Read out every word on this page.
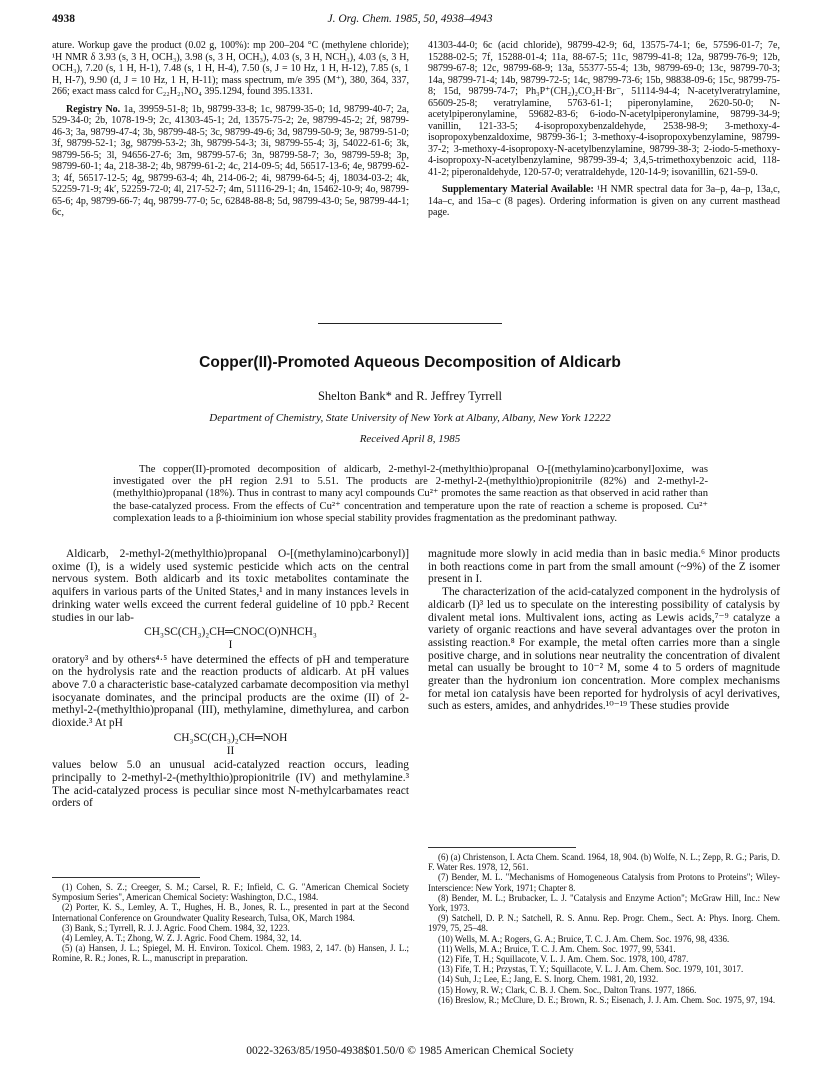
4938	J. Org. Chem. 1985, 50, 4938–4943

ature. Workup gave the product (0.02 g, 100%): mp 200–204 °C (methylene chloride); ¹H NMR δ 3.93 (s, 3 H, OCH₃), 3.98 (s, 3 H, OCH₃), 4.03 (s, 3 H, NCH₃), 4.03 (s, 3 H, OCH₃), 7.20 (s, 1 H, H-1), 7.48 (s, 1 H, H-4), 7.50 (s, J = 10 Hz, 1 H, H-12), 7.85 (s, 1 H, H-7), 9.90 (d, J = 10 Hz, 1 H, H-11); mass spectrum, m/e 395 (M⁺), 380, 364, 337, 266; exact mass calcd for C₂₂H₂₁NO₄ 395.1294, found 395.1331.

Registry No. 1a, 39959-51-8; 1b, 98799-33-8; 1c, 98799-35-0; 1d, 98799-40-7; 2a, 529-34-0; 2b, 1078-19-9; 2c, 41303-45-1; 2d, 13575-75-2; 2e, 98799-45-2; 2f, 98799-46-3; 3a, 98799-47-4; 3b, 98799-48-5; 3c, 98799-49-6; 3d, 98799-50-9; 3e, 98799-51-0; 3f, 98799-52-1; 3g, 98799-53-2; 3h, 98799-54-3; 3i, 98799-55-4; 3j, 54022-61-6; 3k, 98799-56-5; 3l, 94656-27-6; 3m, 98799-57-6; 3n, 98799-58-7; 3o, 98799-59-8; 3p, 98799-60-1; 4a, 218-38-2; 4b, 98799-61-2; 4c, 214-09-5; 4d, 56517-13-6; 4e, 98799-62-3; 4f, 56517-12-5; 4g, 98799-63-4; 4h, 214-06-2; 4i, 98799-64-5; 4j, 18034-03-2; 4k, 52259-71-9; 4k′, 52259-72-0; 4l, 217-52-7; 4m, 51116-29-1; 4n, 15462-10-9; 4o, 98799-65-6; 4p, 98799-66-7; 4q, 98799-77-0; 5c, 62848-88-8; 5d, 98799-43-0; 5e, 98799-44-1; 6c,

41303-44-0; 6c (acid chloride), 98799-42-9; 6d, 13575-74-1; 6e, 57596-01-7; 7e, 15288-02-5; 7f, 15288-01-4; 11a, 88-67-5; 11c, 98799-41-8; 12a, 98799-76-9; 12b, 98799-67-8; 12c, 98799-68-9; 13a, 55377-55-4; 13b, 98799-69-0; 13c, 98799-70-3; 14a, 98799-71-4; 14b, 98799-72-5; 14c, 98799-73-6; 15b, 98838-09-6; 15c, 98799-75-8; 15d, 98799-74-7; Ph₃P⁺(CH₂)₂CO₂H·Br⁻, 51114-94-4; N-acetylveratrylamine, 65609-25-8; veratrylamine, 5763-61-1; piperonylamine, 2620-50-0; N-acetylpiperonylamine, 59682-83-6; 6-iodo-N-acetylpiperonylamine, 98799-34-9; vanillin, 121-33-5; 4-isopropoxybenzaldehyde, 2538-98-9; 3-methoxy-4-isopropoxybenzaldoxime, 98799-36-1; 3-methoxy-4-isopropoxybenzylamine, 98799-37-2; 3-methoxy-4-isopropoxy-N-acetylbenzylamine, 98799-38-3; 2-iodo-5-methoxy-4-isopropoxy-N-acetylbenzylamine, 98799-39-4; 3,4,5-trimethoxybenzoic acid, 118-41-2; piperonaldehyde, 120-57-0; veratraldehyde, 120-14-9; isovanillin, 621-59-0.

Supplementary Material Available: ¹H NMR spectral data for 3a–p, 4a–p, 13a,c, 14a–c, and 15a–c (8 pages). Ordering information is given on any current masthead page.

Copper(II)-Promoted Aqueous Decomposition of Aldicarb
Shelton Bank* and R. Jeffrey Tyrrell
Department of Chemistry, State University of New York at Albany, Albany, New York 12222
Received April 8, 1985

The copper(II)-promoted decomposition of aldicarb, 2-methyl-2-(methylthio)propanal O-[(methylamino)carbonyl]oxime, was investigated over the pH region 2.91 to 5.51. The products are 2-methyl-2-(methylthio)propionitrile (82%) and 2-methyl-2-(methylthio)propanal (18%). Thus in contrast to many acyl compounds Cu²⁺ promotes the same reaction as that observed in acid rather than the base-catalyzed process. From the effects of Cu²⁺ concentration and temperature upon the rate of reaction a scheme is proposed. Cu²⁺ complexation leads to a β-thioiminium ion whose special stability provides fragmentation as the predominant pathway.

Aldicarb, 2-methyl-2(methylthio)propanal O-[(methylamino)carbonyl)] oxime (I), is a widely used systemic pesticide which acts on the central nervous system. Both aldicarb and its toxic metabolites contaminate the aquifers in various parts of the United States,¹ and in many instances levels in drinking water wells exceed the current federal guideline of 10 ppb.² Recent studies in our lab-

CH₃SC(CH₃)₂CH═CNOC(O)NHCH₃
I

oratory³ and by others⁴·⁵ have determined the effects of pH and temperature on the hydrolysis rate and the reaction products of aldicarb. At pH values above 7.0 a characteristic base-catalyzed carbamate decomposition via methyl isocyanate dominates, and the principal products are the oxime (II) of 2-methyl-2-(methylthio)propanal (III), methylamine, dimethylurea, and carbon dioxide.³ At pH

CH₃SC(CH₃)₂CH═NOH
II

values below 5.0 an unusual acid-catalyzed reaction occurs, leading principally to 2-methyl-2-(methylthio)propionitrile (IV) and methylamine.³ The acid-catalyzed process is peculiar since most N-methylcarbamates react orders of

magnitude more slowly in acid media than in basic media.⁶ Minor products in both reactions come in part from the small amount (~9%) of the Z isomer present in I.

The characterization of the acid-catalyzed component in the hydrolysis of aldicarb (I)³ led us to speculate on the interesting possibility of catalysis by divalent metal ions. Multivalent ions, acting as Lewis acids,⁷⁻⁹ catalyze a variety of organic reactions and have several advantages over the proton in assisting reaction.⁸ For example, the metal often carries more than a single positive charge, and in solutions near neutrality the concentration of divalent metal can usually be brought to 10⁻² M, some 4 to 5 orders of magnitude greater than the hydronium ion concentration. More complex mechanisms for metal ion catalysis have been reported for hydrolysis of acyl derivatives, such as esters, amides, and anhydrides.¹⁰⁻¹⁹ These studies provide

(1) Cohen, S. Z.; Creeger, S. M.; Carsel, R. F.; Infield, C. G. "American Chemical Society Symposium Series", American Chemical Society: Washington, D.C., 1984.

(2) Porter, K. S., Lemley, A. T., Hughes, H. B., Jones, R. L., presented in part at the Second International Conference on Groundwater Quality Research, Tulsa, OK, March 1984.

(3) Bank, S.; Tyrrell, R. J. J. Agric. Food Chem. 1984, 32, 1223.

(4) Lemley, A. T.; Zhong, W. Z. J. Agric. Food Chem. 1984, 32, 14.

(5) (a) Hansen, J. L.; Spiegel, M. H. Environ. Toxicol. Chem. 1983, 2, 147. (b) Hansen, J. L.; Romine, R. R.; Jones, R. L., manuscript in preparation.

(6) (a) Christenson, I. Acta Chem. Scand. 1964, 18, 904. (b) Wolfe, N. L.; Zepp, R. G.; Paris, D. F. Water Res. 1978, 12, 561.

(7) Bender, M. L. "Mechanisms of Homogeneous Catalysis from Protons to Proteins"; Wiley-Interscience: New York, 1971; Chapter 8.

(8) Bender, M. L.; Brubacker, L. J. "Catalysis and Enzyme Action"; McGraw Hill, Inc.: New York, 1973.

(9) Satchell, D. P. N.; Satchell, R. S. Annu. Rep. Progr. Chem., Sect. A: Phys. Inorg. Chem. 1979, 75, 25–48.

(10) Wells, M. A.; Rogers, G. A.; Bruice, T. C. J. Am. Chem. Soc. 1976, 98, 4336.

(11) Wells, M. A.; Bruice, T. C. J. Am. Chem. Soc. 1977, 99, 5341.

(12) Fife, T. H.; Squillacote, V. L. J. Am. Chem. Soc. 1978, 100, 4787.

(13) Fife, T. H.; Przystas, T. Y.; Squillacote, V. L. J. Am. Chem. Soc. 1979, 101, 3017.

(14) Suh, J.; Lee, E.; Jang, E. S. Inorg. Chem. 1981, 20, 1932.

(15) Howy, R. W.; Clark, C. B. J. Chem. Soc., Dalton Trans. 1977, 1866.

(16) Breslow, R.; McClure, D. E.; Brown, R. S.; Eisenach, J. J. Am. Chem. Soc. 1975, 97, 194.

0022-3263/85/1950-4938$01.50/0 © 1985 American Chemical Society
